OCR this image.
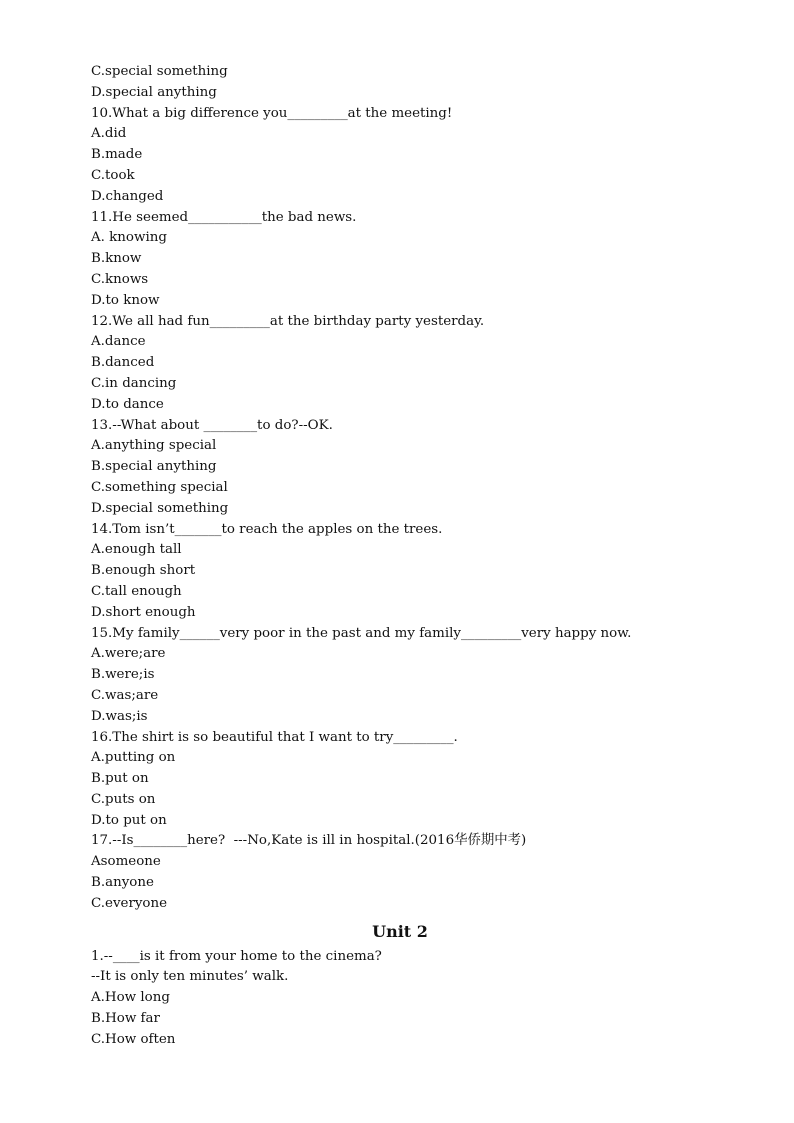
C.special something
D.special anything
10.What a big difference you_________at the meeting!
A.did
B.made
C.took
D.changed
11.He seemed___________the bad news.
A. knowing
B.know
C.knows
D.to know
12.We all had fun_________at the birthday party yesterday.
A.dance
B.danced
C.in dancing
D.to dance
13.--What about ________to do?--OK.
A.anything special
B.special anything
C.something special
D.special something
14.Tom isn’t_______to reach the apples on the trees.
A.enough tall
B.enough short
C.tall enough
D.short enough
15.My family______very poor in the past and my family_________very happy now.
A.were;are
B.were;is
C.was;are
D.was;is
16.The shirt is so beautiful that I want to try_________.
A.putting on
B.put on
C.puts on
D.to put on
17.--Is________here?  ---No,Kate is ill in hospital.(2016华侨期中考)
Asomeone
B.anyone
C.everyone
Unit 2
1.--____is it from your home to the cinema?
--It is only ten minutes’ walk.
A.How long
B.How far
C.How often
